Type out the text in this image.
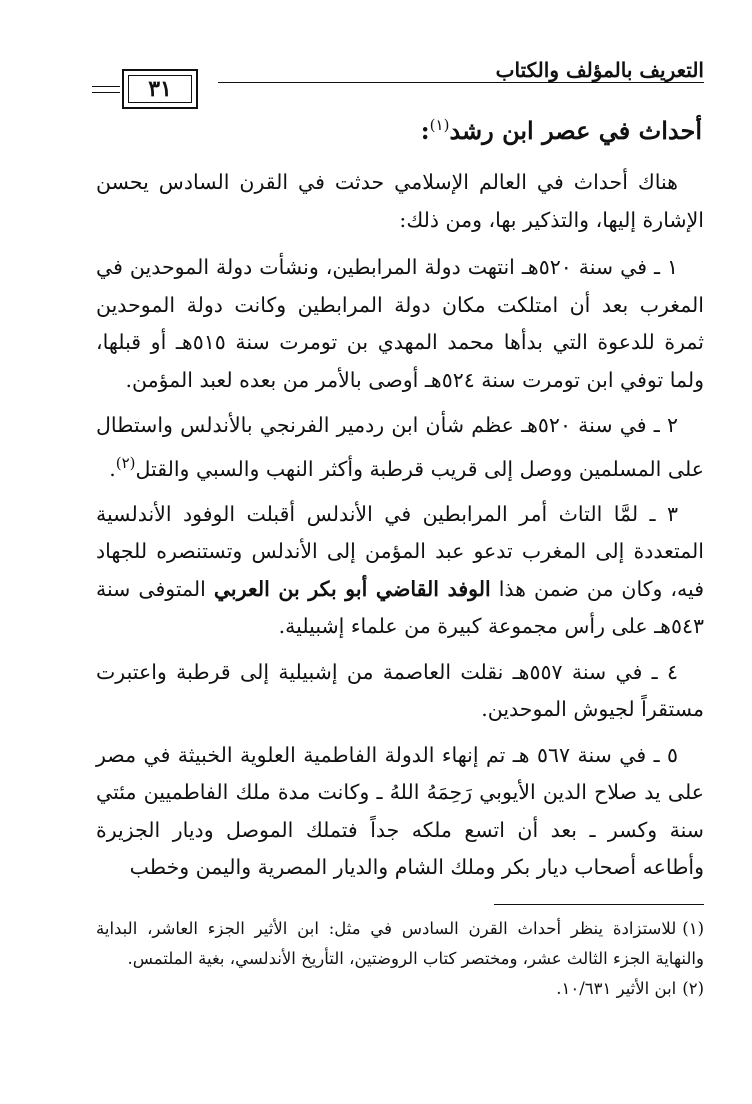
التعريف بالمؤلف والكتاب
٣١
أحداث في عصر ابن رشد$^{(١)}$:

هناك أحداث في العالم الإسلامي حدثت في القرن السادس يحسن الإشارة إليها، والتذكير بها، ومن ذلك:

١ ـ في سنة ٥٢٠هـ انتهت دولة المرابطين، ونشأت دولة الموحدين في المغرب بعد أن امتلكت مكان دولة المرابطين وكانت دولة الموحدين ثمرة للدعوة التي بدأها محمد المهدي بن تومرت سنة ٥١٥هـ أو قبلها، ولما توفي ابن تومرت سنة ٥٢٤هـ أوصى بالأمر من بعده لعبد المؤمن.

٢ ـ في سنة ٥٢٠هـ عظم شأن ابن ردمير الفرنجي بالأندلس واستطال على المسلمين ووصل إلى قريب قرطبة وأكثر النهب والسبي والقتل$^{(٢)}$.

٣ ـ لمَّا التاث أمر المرابطين في الأندلس أقبلت الوفود الأندلسية المتعددة إلى المغرب تدعو عبد المؤمن إلى الأندلس وتستنصره للجهاد فيه، وكان من ضمن هذا الوفد القاضي أبو بكر بن العربي المتوفى سنة ٥٤٣هـ على رأس مجموعة كبيرة من علماء إشبيلية.

٤ ـ في سنة ٥٥٧هـ نقلت العاصمة من إشبيلية إلى قرطبة واعتبرت مستقراً لجيوش الموحدين.

٥ ـ في سنة ٥٦٧ هـ تم إنهاء الدولة الفاطمية العلوية الخبيثة في مصر على يد صلاح الدين الأيوبي رَحِمَهُ اللهُ ـ وكانت مدة ملك الفاطميين مئتي سنة وكسر ـ بعد أن اتسع ملكه جداً فتملك الموصل وديار الجزيرة وأطاعه أصحاب ديار بكر وملك الشام والديار المصرية واليمن وخطب

(١)للاستزادة ينظر أحداث القرن السادس في مثل: ابن الأثير الجزء العاشر، البداية والنهاية الجزء الثالث عشر، ومختصر كتاب الروضتين، التأريخ الأندلسي، بغية الملتمس.

(٢)ابن الأثير ١٠/٦٣١.
